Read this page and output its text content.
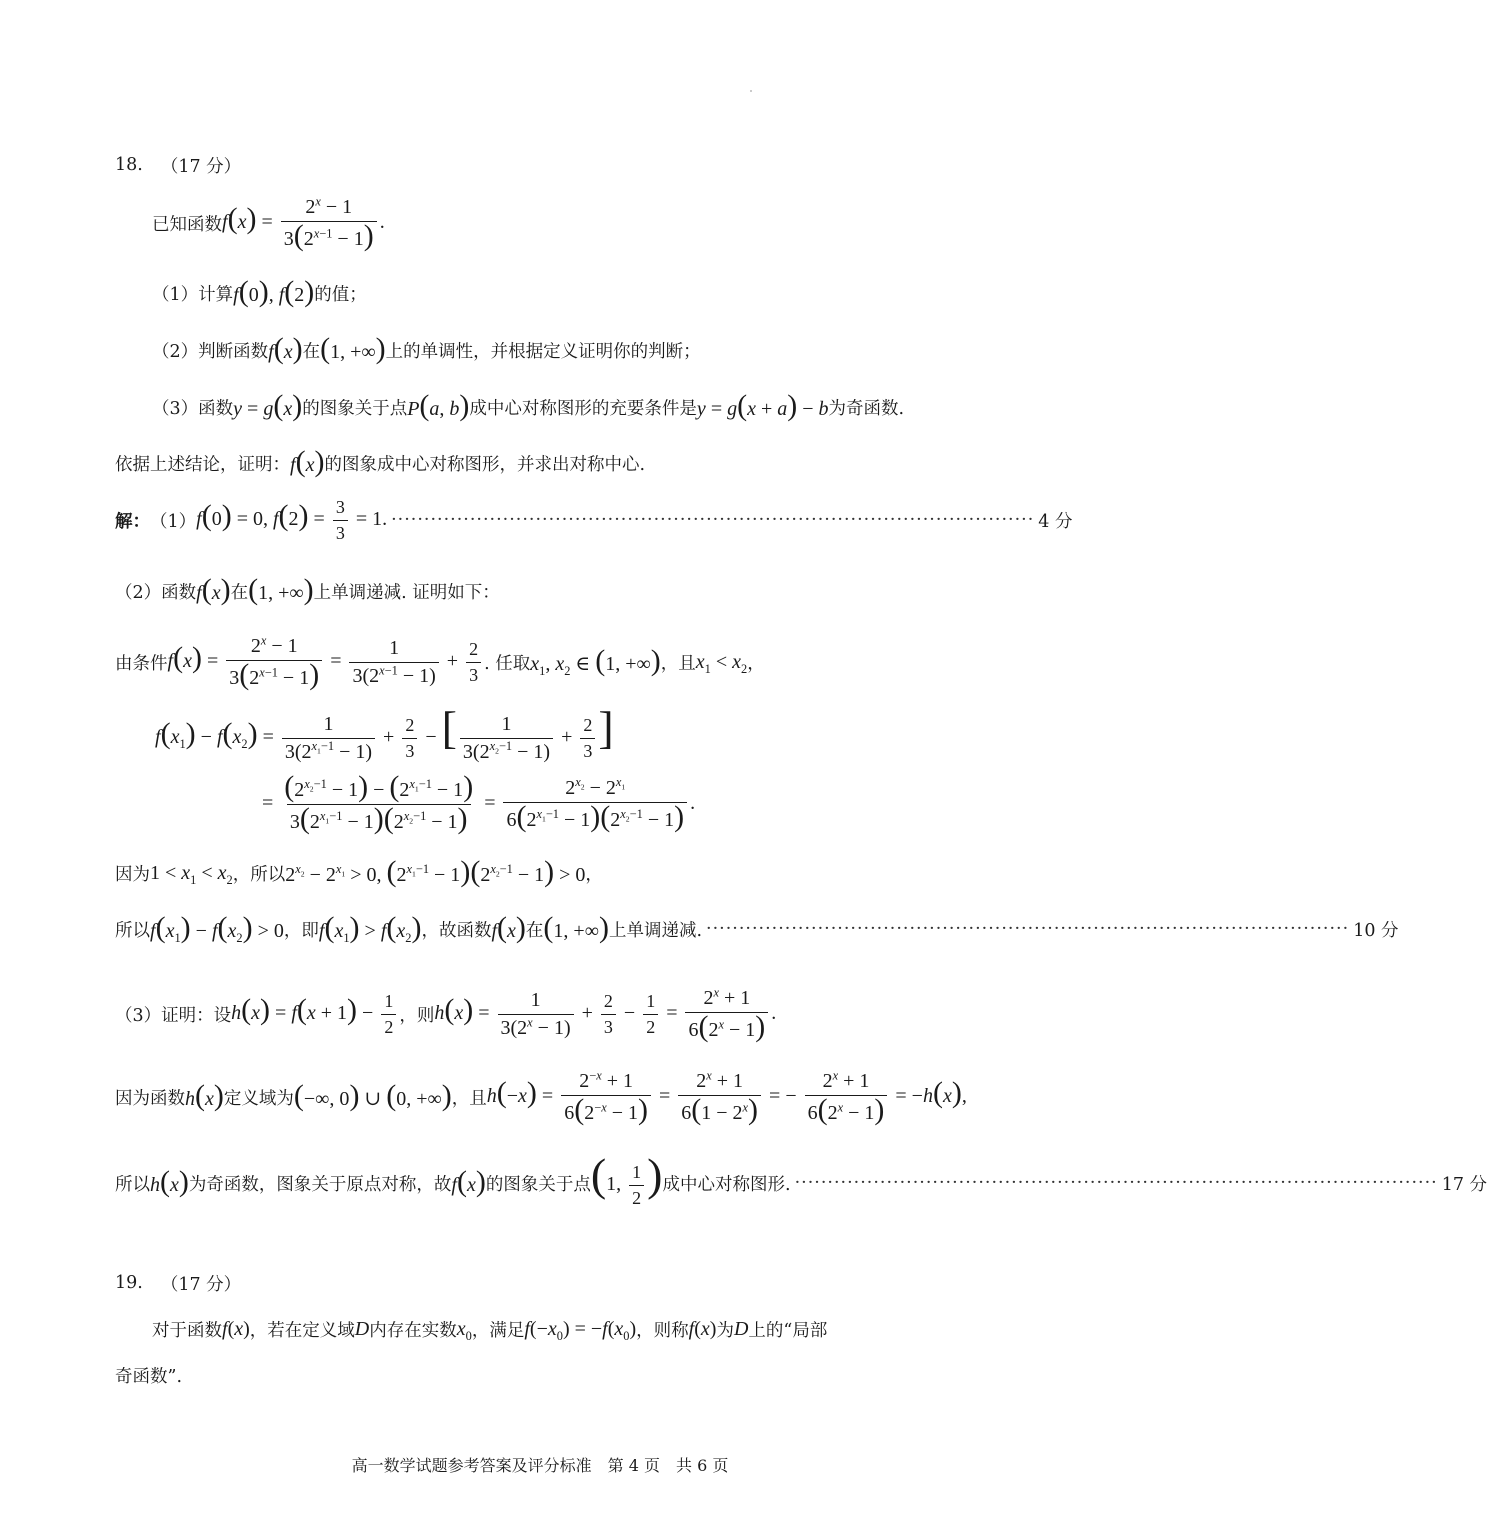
18. （17 分）
已知函数 $f(x) = \frac{2^x - 1}{3(2^{x-1} - 1)}$ .
（1）计算 f(0), f(2) 的值；
（2）判断函数 f(x) 在 (1, +∞) 上的单调性，并根据定义证明你的判断；
（3）函数 y = g(x) 的图象关于点 P(a, b) 成中心对称图形的充要条件是 y = g(x + a) − b 为奇函数.
依据上述结论，证明： f(x) 的图象成中心对称图形，并求出对称中心.
解： （1） f(0) = 0, $f(2) = \frac{3}{3} = 1$. ·································································································· 4 分
（2）函数 f(x) 在 (1, +∞) 上单调递减. 证明如下：
由条件 $f(x) = \frac{2^x - 1}{3(2^{x-1} - 1)} = \frac{1}{3(2^{x-1} - 1)} + \frac{2}{3}$ . 任取 $x_1$, $x_2$ ∈ (1, +∞) ，且 $x_1 < x_2$ ，
$f(x_1) - f(x_2) = \frac{1}{3(2^{x_1-1} - 1)} + \frac{2}{3}$ − [ $\frac{1}{3(2^{x_2-1} - 1)} + \frac{2}{3}$ ]
= $\frac{(2^{x_2-1} - 1) - (2^{x_1-1} - 1)}{3(2^{x_1-1} - 1)(2^{x_2-1} - 1)} = \frac{2^{x_2} - 2^{x_1}}{6(2^{x_1-1} - 1)(2^{x_2-1} - 1)}$ .
因为 $1 < x_1 < x_2$ ，所以 $2^{x_2} - 2^{x_1} > 0$, $(2^{x_1-1} - 1)(2^{x_2-1} - 1) > 0$ ，
所以 $f(x_1) - f(x_2) > 0$ ，即 $f(x_1) > f(x_2)$ ，故函数 f(x) 在 (1, +∞) 上单调递减. ·································································································· 10 分
（3）证明：设 $h(x) = f(x + 1) - \frac{1}{2}$ ，则 $h(x) = \frac{1}{3(2^x - 1)} + \frac{2}{3} - \frac{1}{2} = \frac{2^x + 1}{6(2^x - 1)}$ .
因为函数 h(x) 定义域为 (−∞, 0) ∪ (0, +∞) ，且 $h(-x) = \frac{2^{-x} + 1}{6(2^{-x} - 1)} = \frac{2^x + 1}{6(1 - 2^x)}$ = − $\frac{2^x + 1}{6(2^x - 1)} = -h(x)$,
所以 h(x) 为奇函数，图象关于原点对称，故 f(x) 的图象关于点 (1, $\frac{1}{2}$ ) 成中心对称图形. ·································································································· 17 分
19. （17 分）
对于函数 f(x) ，若在定义域 D 内存在实数 $x_0$ ，满足 $f(-x_0) = -f(x_0)$ ，则称 f(x) 为 D 上的“局部
奇函数”.
高一数学试题参考答案及评分标准　第 4 页　共 6 页
